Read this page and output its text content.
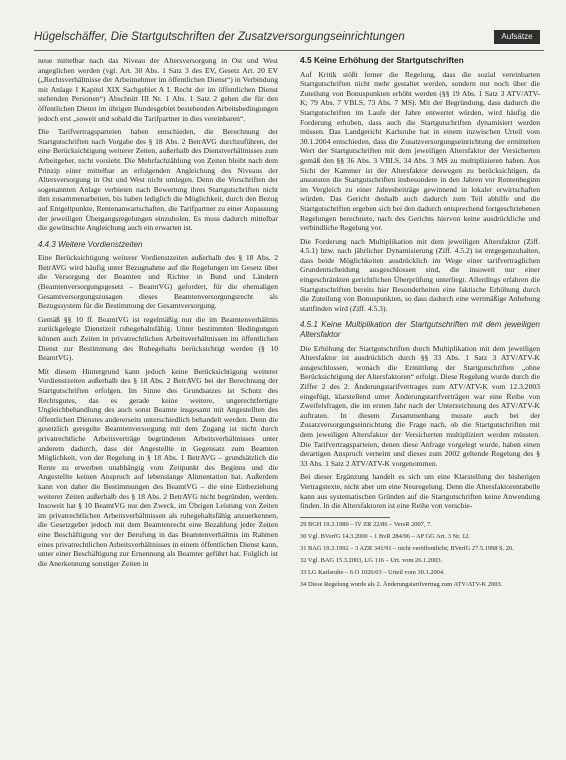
Hügelschäffer, Die Startgutschriften der Zusatzversorgungseinrichtungen	Aufsätze

neue mittelbar nach das Niveau der Altersversorgung in Ost und West angeglichen werden (vgl. Art. 30 Abs. 1 Satz 3 des EV, Gesetz Art. 20 EV („Rechtsverhältnisse der Arbeitnehmer im öffentlichen Dienst“) in Verbindung mit Anlage I Kapitel XIX Sachgebiet A I. Recht der im öffentlichen Dienst stehenden Personen“) Abschnitt III Nr. 1 Abs. 1 Satz 2 gehen die für den öffentlichen Dienst im übrigen Bundesgebiet bestehenden Arbeitsbedingungen jedoch erst „soweit und sobald die Tarifpartner in dies vereinbaren“.

Die Tarifvertragsparteien haben entschieden, die Berechnung der Startgutschriften nach Vorgabe des § 18 Abs. 2 BetrAVG durchzuführen, der eine Berücksichtigung weiterer Zeiten, außerhalb des Dienstverhältnisses zum Arbeitgeber, nicht vorsieht. Die Mehrfachzählung von Zeiten bleibt nach dem Prinzip einer mittelbar an erfolgenden Angleichung des Niveaus der Altersversorgung in Ost und West nicht umlegen. Denn die Vorschriften der sogenannten Anlage verbieten nach Bewertung ihres Startgutschriften nicht ihm zusammenarbeiten, bis haben lediglich die Möglichkeit, durch den Bezug auf Entgeltpunkte, Rentenanwartschaften, die Tarifpartner zu einer Anpassung der jeweiligen Übergangsregelungen einzuholen. Es muss dadurch mittelbar die gewünschte Angleichung auch ein erwarten ist.

4.4.3 Weitere Vordienstzeiten

Eine Berücksichtigung weiterer Vordienstzeiten außerhalb des § 18 Abs. 2 BetrAVG wird häufig unter Bezugnahme auf die Regelungen im Gesetz über die Versorgung der Beamten und Richter in Bund und Ländern (Beamtenversorgungsgesetz – BeamtVG) gefordert, für die ehemaligen Gesamtversorgungszusagen dieses Beamtenversorgungsrecht als Bezugssystem für die Bestimmung der Gesamtversorgung.

Gemäß §§ 10 ff. BeamtVG ist regelmäßig nur die im Beamtenverhältnis zurückgelegte Dienstzeit ruhegehaltsfähig. Unter bestimmten Bedingungen können auch Zeiten in privatrechtlichen Arbeitsverhältnissen im öffentlichen Dienst zur Bestimmung des Ruhegehalts berücksichtigt werden (§ 10 BeamtVG).

Mit diesem Hintergrund kann jedoch keine Berücksichtigung weiterer Vordienstzeiten außerhalb des § 18 Abs. 2 BetrAVG bei der Berechnung der Startgutschriften erfolgen. Im Sinne des Grundsatzes ist Schutz des Rechtsgutes, das es gerade keine weitere, ungerechtfertigte Ungleichbehandlung des auch sonst Beamte insgesamt mit Angestellten des öffentlichen Dienstes andererseits unterschiedlich behandelt werden. Denn die gesetzlich geregelte Beamtenversorgung mit dem Zugang ist nicht durch privatrechtliche Arbeitsverträge begründeten Arbeitsverhältnisses unter anderem dadurch, dass der Angestellte in Gegensatz zum Beamten Möglichkeit, von der Regelung in § 18 Abs. 1 BetrAVG – grundsätzlich die Rente zu erwerben unabhängig vom Zeitpunkt des Beginns und die Angestellte keinen Anspruch auf lebenslange Alimentation hat. Außerdem kann von daher die Bestimmungen des BeamtVG – die eine Einbeziehung weiterer Zeiten außerhalb des § 18 Abs. 2 BetrAVG nicht begründen, werden. Insoweit hat § 10 BeamtVG nur den Zweck, im Übrigen Leistung von Zeiten im privatrechtlichen Arbeitsverhältnissen als ruhegehaltsfähig anzuerkennen, die Gesetzgeber jedoch mit dem Beamtenrecht eine Bezahlung jeder Zeiten eine Beschäftigung vor der Berufung in das Beamtenverhältnis im Rahmen eines privatrechtlichen Arbeitsverhältnisses in einem öffentlichen Dienst kann, unter einer Beschäftigung zur Ernennung als Beamter geführt hat. Folglich ist die Anerkennung sonstiger Zeiten in

4.5 Keine Erhöhung der Startgutschriften

Auf Kritik stößt ferner die Regelung, dass die sozial vereinbarten Startgutschriften nicht mehr gestaltet werden, sondern nur noch über die Zuteilung von Bonuspunkten erhöht werden (§§ 19 Abs. 1 Satz 3 ATV/ATV-K; 79 Abs. 7 VBLS, 73 Abs. 7 MS). Mit der Begründung, dass dadurch die Startgutschriften im Laufe der Jahre entwertet würden, wird häufig die Forderung erhoben, dass auch die Startgutschriften dynamisiert werden müssen. Das Landgericht Karlsruhe hat in einem inzwischen Urteil vom 30.1.2004 entschieden, dass die Zusatzversorgungseinrichtung der ermittelten Wert der Startgutschriften mit dem jeweiligen Altersfaktor der Versicherten gemäß den §§ 36 Abs. 3 VBLS, 34 Abs. 3 MS zu multiplizieren haben. Aus Sicht der Kammer ist der Altersfaktor deswegen zu berücksichtigen, da ansonsten die Startgutschriften insbesondere in den Jahren vor Rentenbeginn im Vergleich zu einer Jahresbeiträge gewinnend in lokaler erwirtschaften würden. Das Gericht deshalb auch dadurch zum Teil abhilfe und die Startgutschriften ergeben sich bei den dadurch entsprechend fortgeschriebenen Regelungen berechnete, nach des Gerichts hiervon keine ausdrückliche und verbindliche Regelung vor.

Die Forderung nach Multiplikation mit dem jeweiligen Altersfaktor (Ziff. 4.5.1) bzw. nach jährlicher Dynamisierung (Ziff. 4.5.2) ist entgegenzuhalten, dass beide Möglichkeiten ausdrücklich im Wege einer tarifvertraglichen Grundentscheidung ausgeschlossen sind, die insoweit nur einer eingeschränkten gerichtlichen Überprüfung unterliegt. Allerdings erfahren die Startgutschriften bereits hier Besonderheiten eine faktische Erhöhung durch die Zuteilung von Bonuspunkten, so dass dadurch eine wertmäßige Anhebung stattfinden wird (Ziff. 4.5.3).

4.5.1 Keine Multiplikation der Startgutschriften mit dem jeweiligen Altersfaktor

Die Erhöhung der Startgutschriften durch Multiplikation mit dem jeweiligen Altersfaktor ist ausdrücklich durch §§ 33 Abs. 1 Satz 3 ATV/ATV-K ausgeschlossen, wonach die Ermittlung der Startgutschriften „ohne Berücksichtigung der Altersfaktoren“ erfolgt. Diese Regelung wurde durch die Ziffer 2 des 2. Änderungstarifvertrages zum ATV/ATV-K vom 12.3.2003 eingefügt, klarstellend unter Änderungstarifverträgen war eine Reihe von Zweifelsfragen, die im ersten Jahr nach der Unterzeichnung des ATV/ATV-K auftraten. In diesem Zusammenhang musste auch bei der Zusatzversorgungseinrichtung die Frage nach, ob die Startgutschriften mit dem jeweiligen Altersfaktor der Versicherten multipliziert werden müssten. Die Tarifvertragsparteien, denen diese Anfrage vorgelegt wurde, haben einen derartigen Anspruch verneint und dieses zum 2002 geltende Regelung des § 33 Abs. 1 Satz 2 ATV/ATV-K vorgenommen.

Bei dieser Ergänzung handelt es sich um eine Klarstellung der bisherigen Vertragstexte, nicht aber um eine Neuregelung. Denn die Altersfaktorentabelle kann aus systematischen Gründen auf die Startgutschriften keine Anwendung finden. In die Altersfaktoren ist eine Reihe von verschie-

29 BGH 19.3.1980 – IV ZR 22/86 – VersR 2007, 7.

30 Vgl. BVerfG 14.3.2000 – 1 BvR 284/96 – AP GG Art. 3 Nr. 12.

31 BAG 19.3.1992 – 3 AZR 341/91 – nicht veröffentlicht; BVerfG 27.5.1998 S. 20.

32 Vgl. BAG 15.3.2003, LG 116 – Urt. vom 26.1.2003.

33 LG Karlsruhe – 6 O 1026/03 – Urteil vom 30.1.2004.

34 Diese Regelung wurde als 2. Änderungstarifvertrag zum ATV/ATV-K 2003.
